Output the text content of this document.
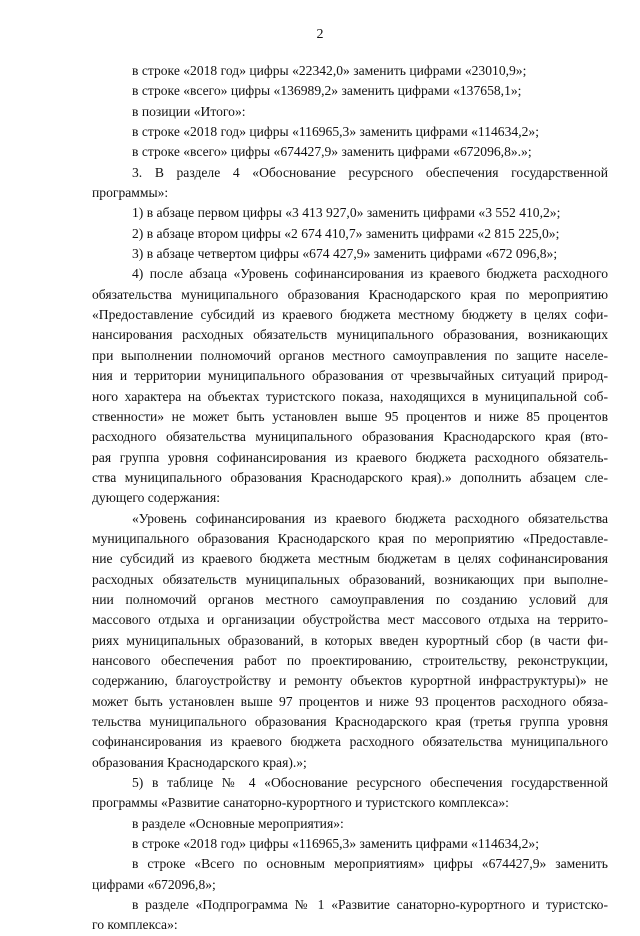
2

в строке «2018 год» цифры «22342,0» заменить цифрами «23010,9»;

в строке «всего» цифры «136989,2» заменить цифрами «137658,1»;

в позиции «Итого»:

в строке «2018 год» цифры «116965,3» заменить цифрами «114634,2»;

в строке «всего» цифры «674427,9» заменить цифрами «672096,8».»;

3. В разделе 4 «Обоснование ресурсного обеспечения государственной

программы»:

1) в абзаце первом цифры «3 413 927,0» заменить цифрами «3 552 410,2»;

2) в абзаце втором цифры «2 674 410,7» заменить цифрами «2 815 225,0»;

3) в абзаце четвертом цифры «674 427,9» заменить цифрами «672 096,8»;

4) после абзаца «Уровень софинансирования из краевого бюджета расходного

обязательства муниципального образования Краснодарского края по мероприятию

«Предоставление субсидий из краевого бюджета местному бюджету в целях софи-

нансирования расходных обязательств муниципального образования, возникающих

при выполнении полномочий органов местного самоуправления по защите населе-

ния и территории муниципального образования от чрезвычайных ситуаций природ-

ного характера на объектах туристского показа, находящихся в муниципальной соб-

ственности» не может быть установлен выше 95 процентов и ниже 85 процентов

расходного обязательства муниципального образования Краснодарского края (вто-

рая группа уровня софинансирования из краевого бюджета расходного обязатель-

ства муниципального образования Краснодарского края).» дополнить абзацем сле-

дующего содержания:

«Уровень софинансирования из краевого бюджета расходного обязательства

муниципального образования Краснодарского края по мероприятию «Предоставле-

ние субсидий из краевого бюджета местным бюджетам в целях софинансирования

расходных обязательств муниципальных образований, возникающих при выполне-

нии полномочий органов местного самоуправления по созданию условий для

массового отдыха и организации обустройства мест массового отдыха на террито-

риях муниципальных образований, в которых введен курортный сбор (в части фи-

нансового обеспечения работ по проектированию, строительству, реконструкции,

содержанию, благоустройству и ремонту объектов курортной инфраструктуры)» не

может быть установлен выше 97 процентов и ниже 93 процентов расходного обяза-

тельства муниципального образования Краснодарского края (третья группа уровня

софинансирования из краевого бюджета расходного обязательства муниципального

образования Краснодарского края).»;

5) в таблице № 4 «Обоснование ресурсного обеспечения государственной

программы «Развитие санаторно-курортного и туристского комплекса»:

в разделе «Основные мероприятия»:

в строке «2018 год» цифры «116965,3» заменить цифрами «114634,2»;

в строке «Всего по основным мероприятиям» цифры «674427,9» заменить

цифрами «672096,8»;

в разделе «Подпрограмма № 1 «Развитие санаторно-курортного и туристско-

го комплекса»:
